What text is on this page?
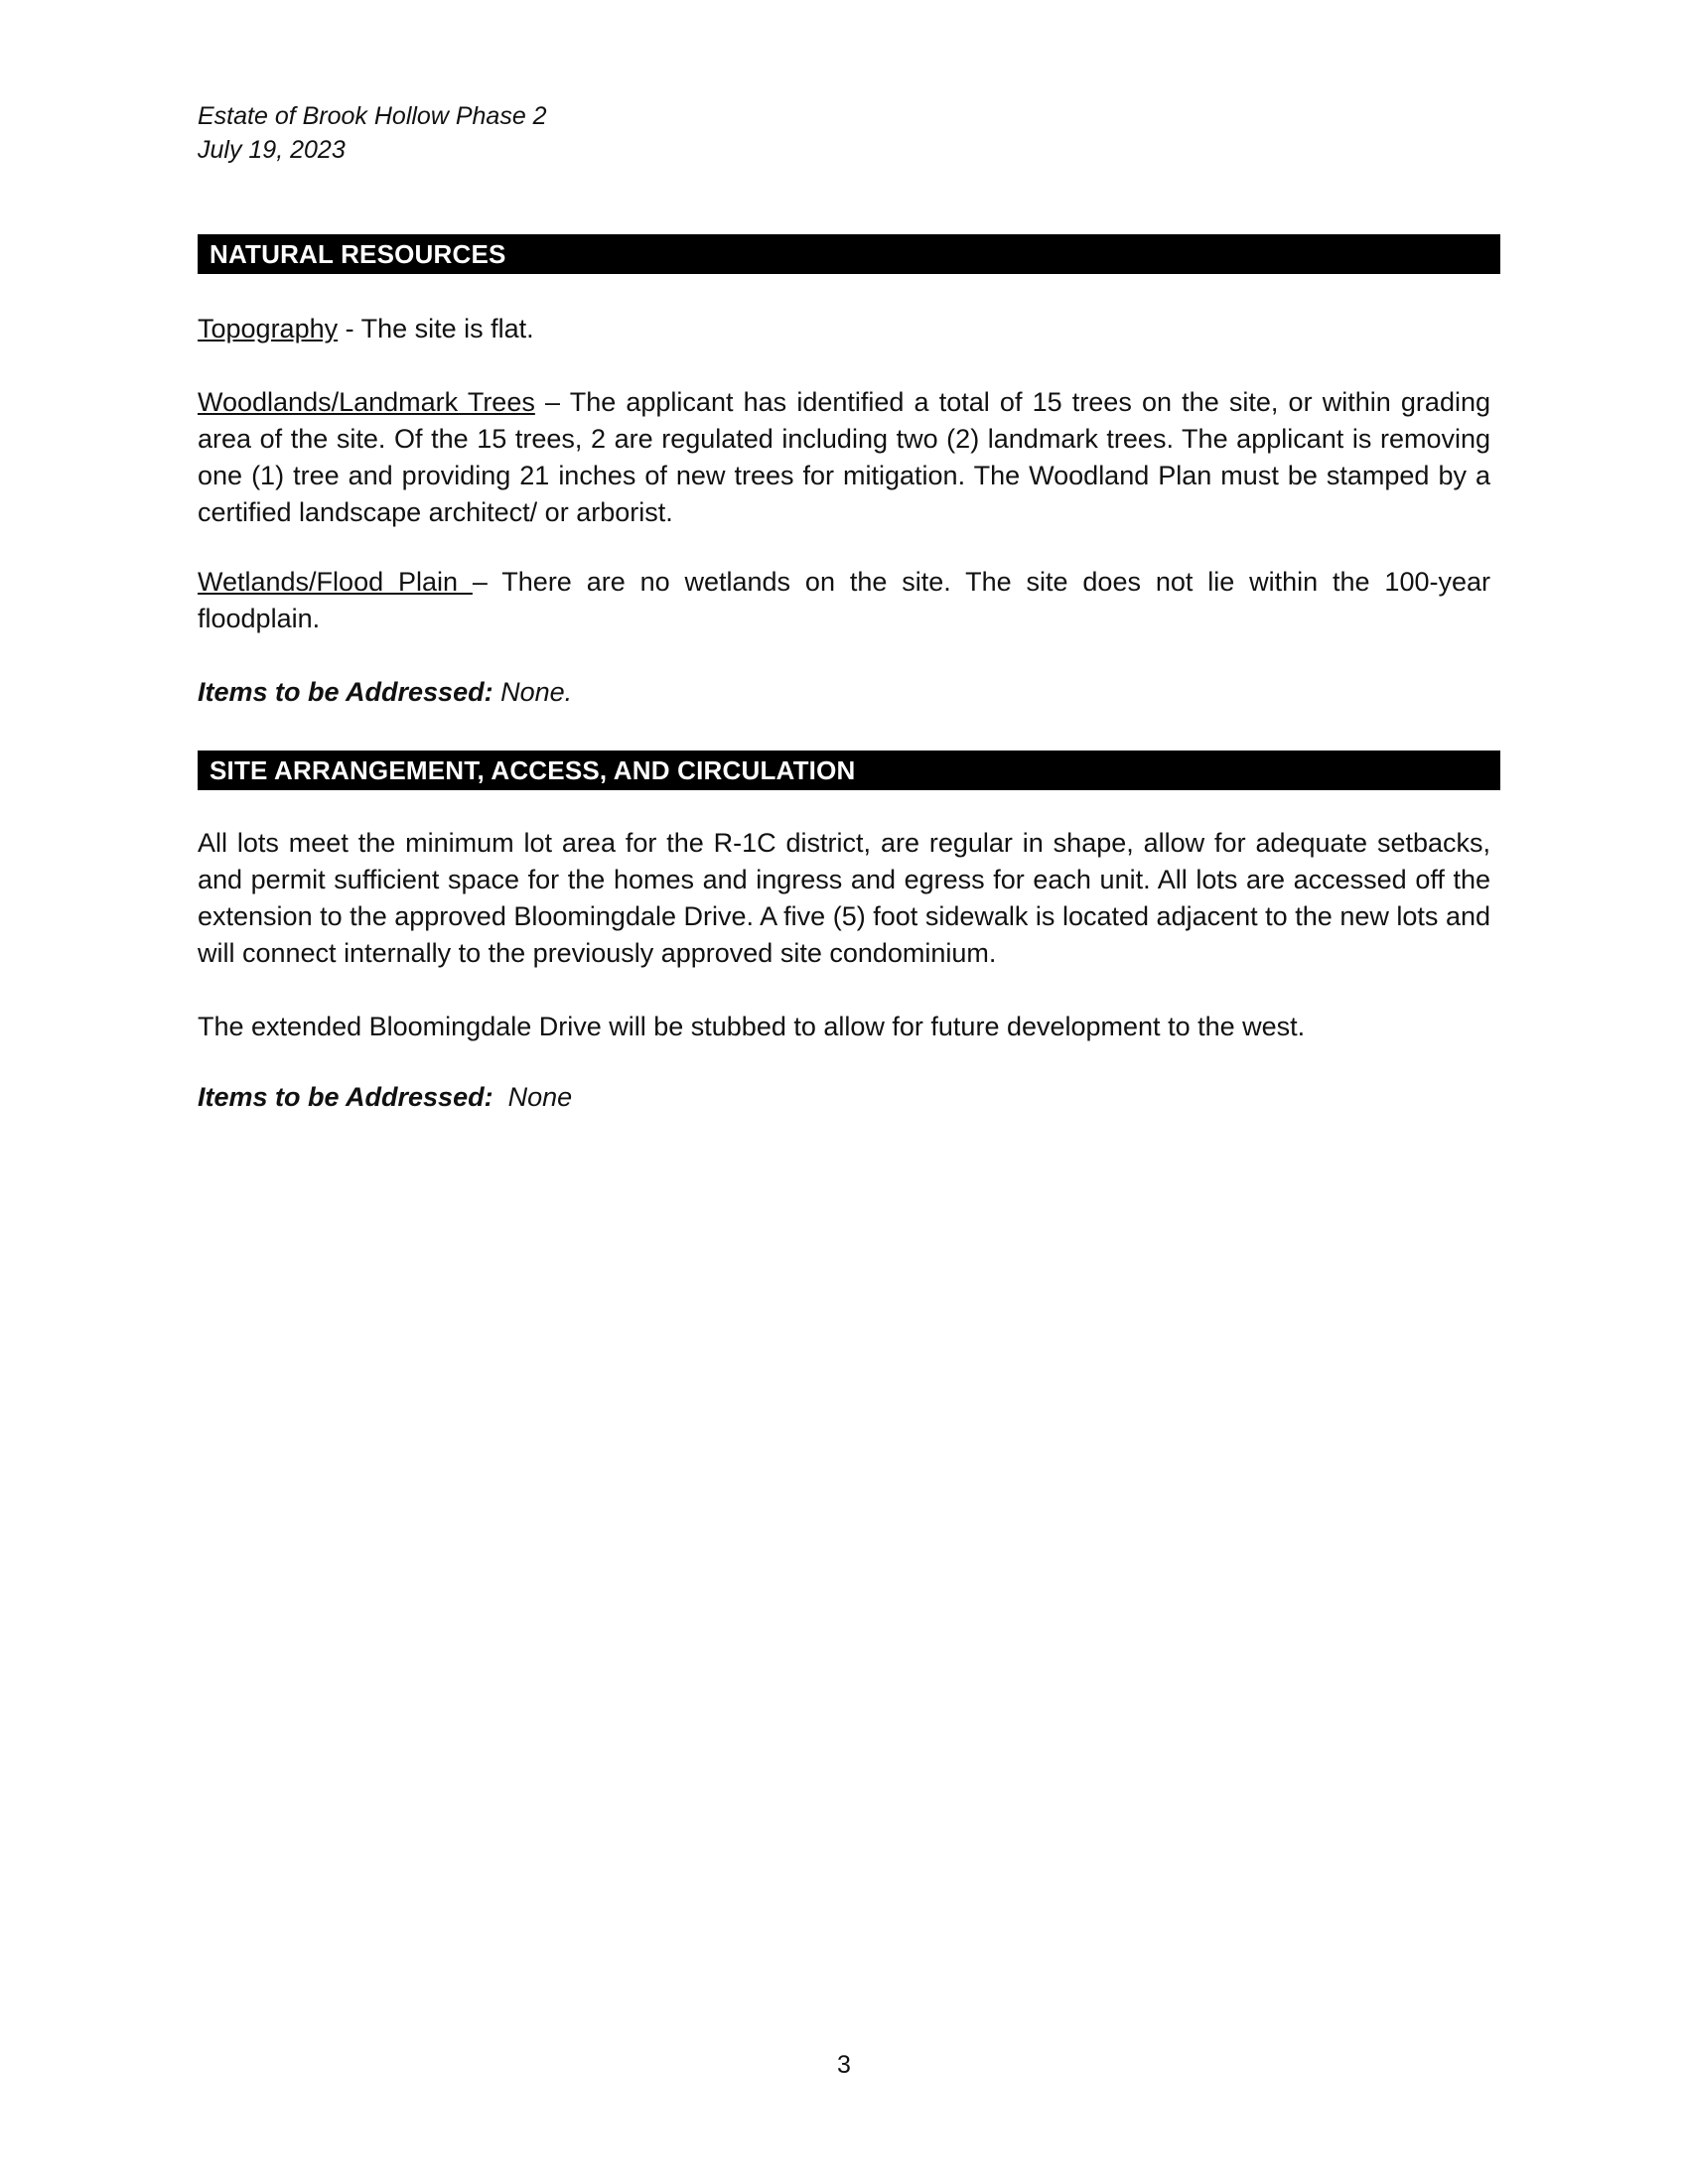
Estate of Brook Hollow Phase 2
July 19, 2023
NATURAL RESOURCES
Topography - The site is flat.
Woodlands/Landmark Trees – The applicant has identified a total of 15 trees on the site, or within grading area of the site. Of the 15 trees, 2 are regulated including two (2) landmark trees. The applicant is removing one (1) tree and providing 21 inches of new trees for mitigation. The Woodland Plan must be stamped by a certified landscape architect/ or arborist.
Wetlands/Flood Plain – There are no wetlands on the site. The site does not lie within the 100-year floodplain.
Items to be Addressed: None.
SITE ARRANGEMENT, ACCESS, AND CIRCULATION
All lots meet the minimum lot area for the R-1C district, are regular in shape, allow for adequate setbacks, and permit sufficient space for the homes and ingress and egress for each unit. All lots are accessed off the extension to the approved Bloomingdale Drive. A five (5) foot sidewalk is located adjacent to the new lots and will connect internally to the previously approved site condominium.
The extended Bloomingdale Drive will be stubbed to allow for future development to the west.
Items to be Addressed:  None
3
